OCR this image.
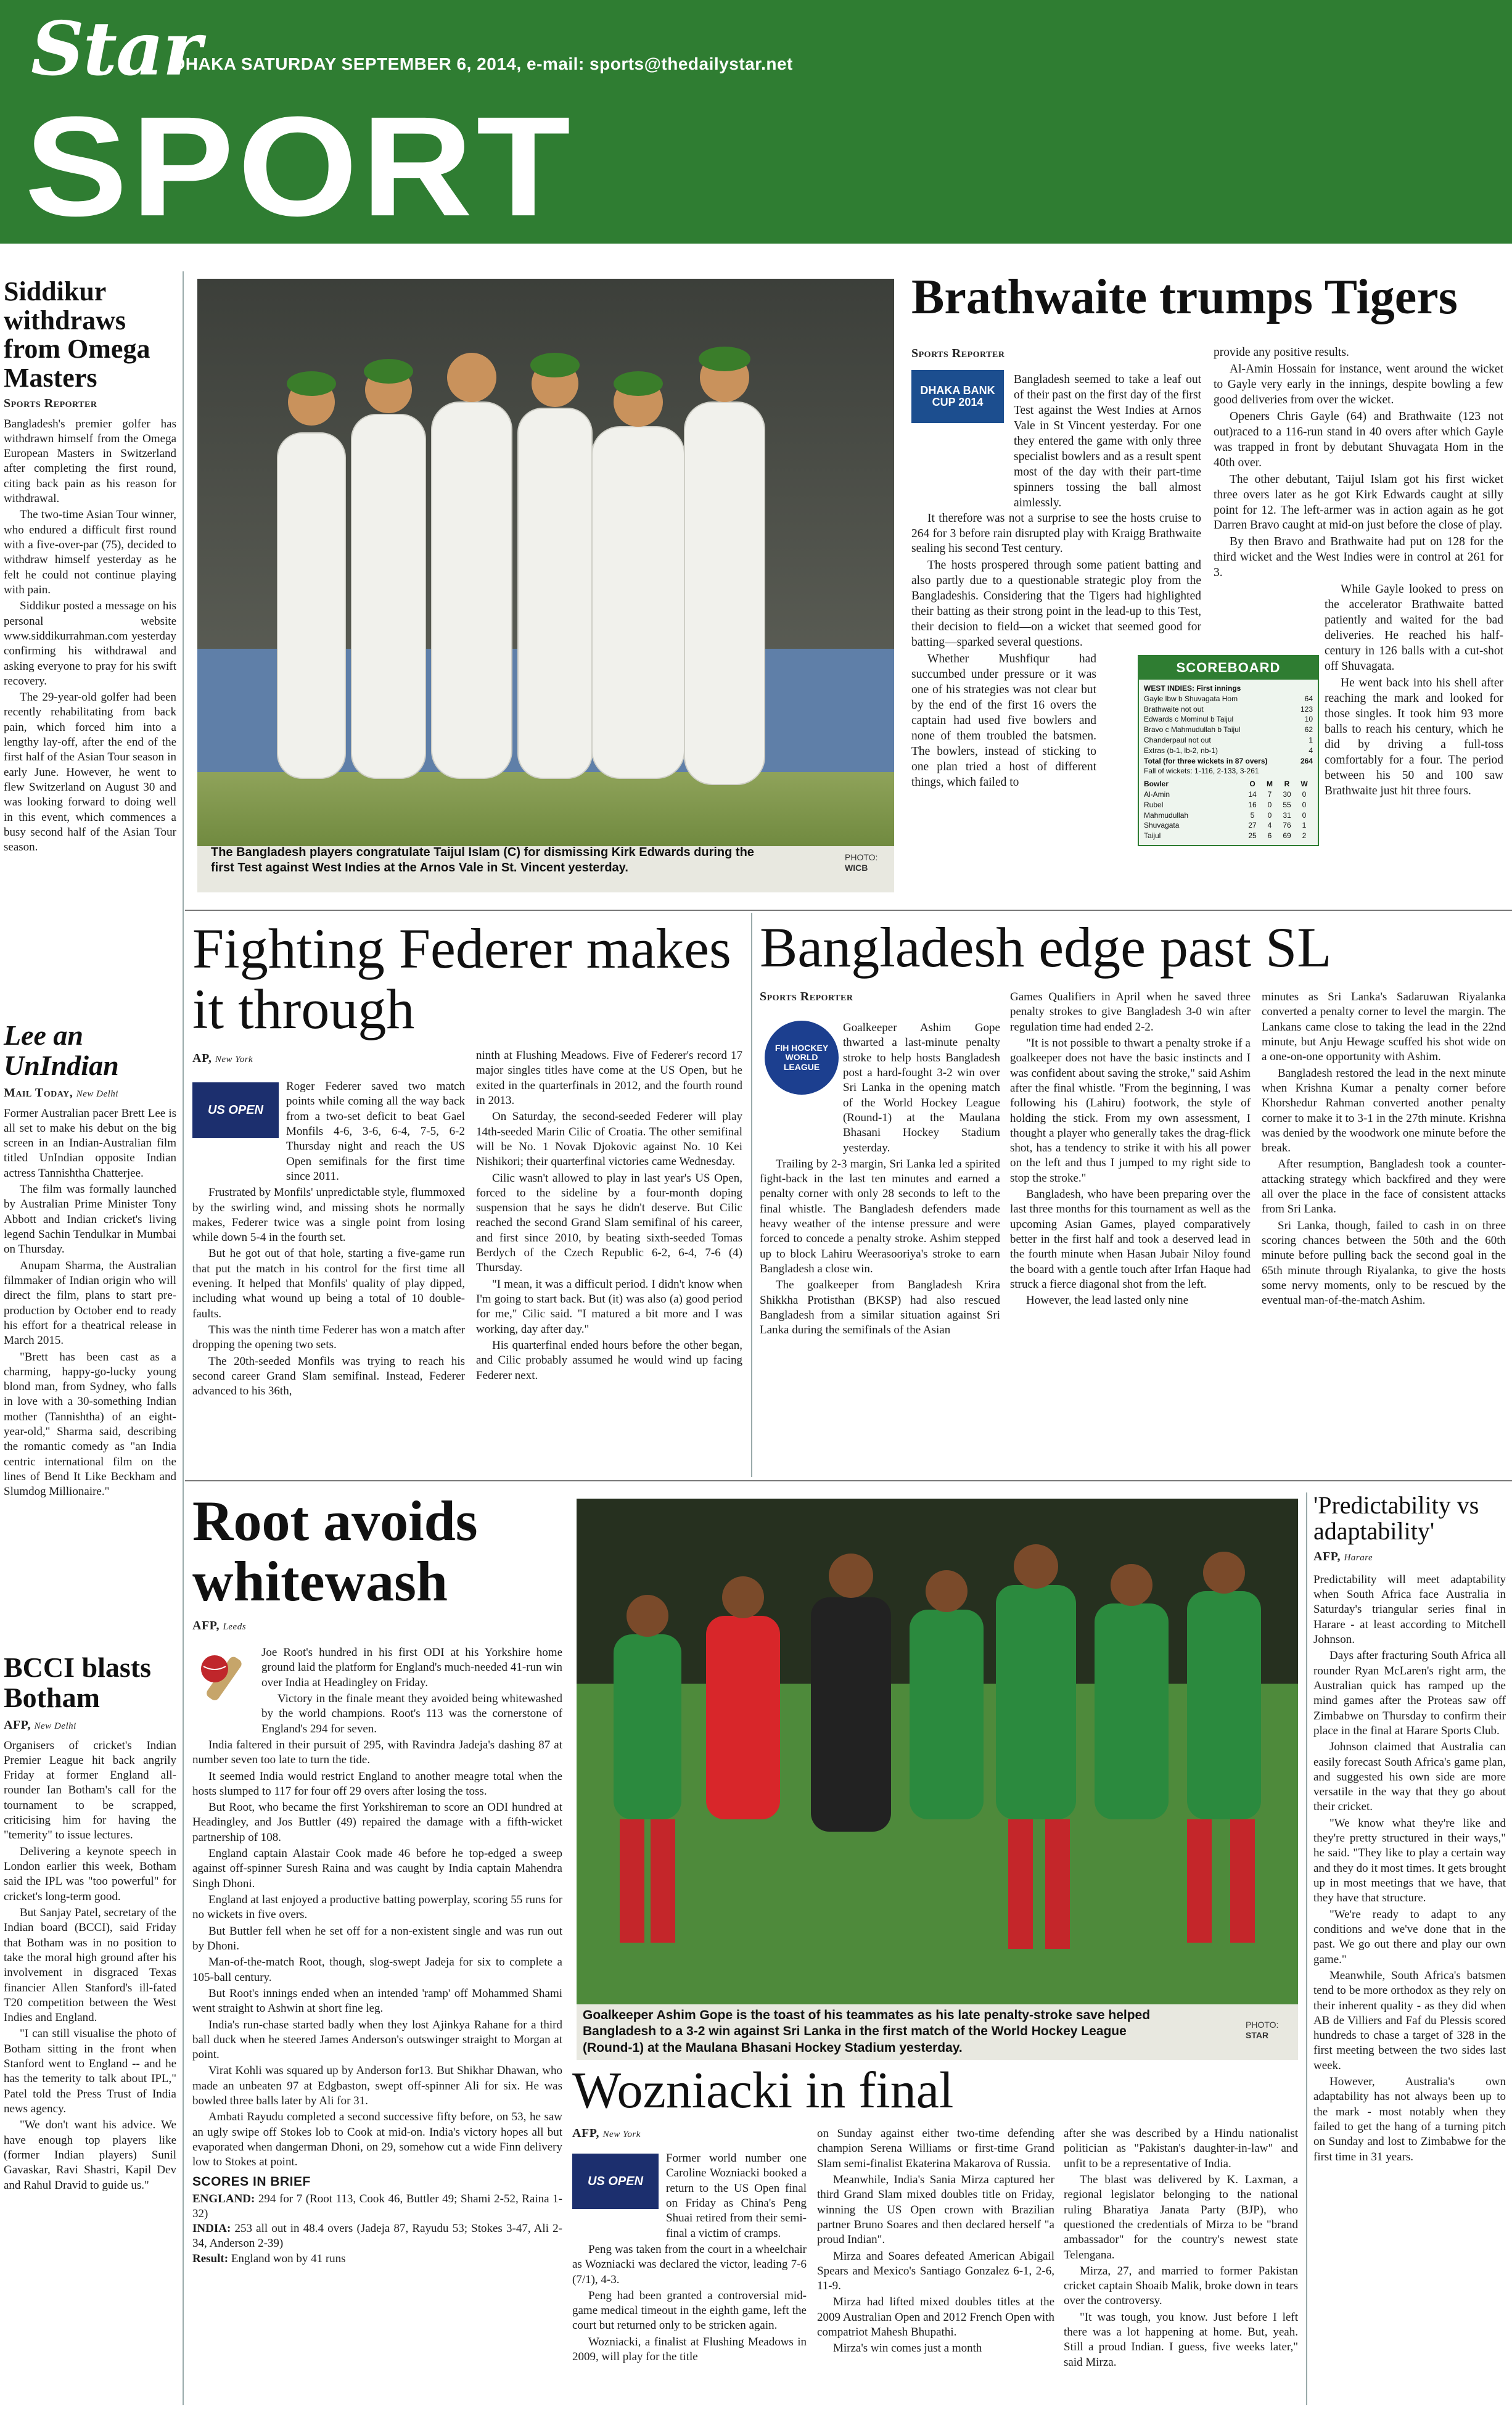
Star
DHAKA SATURDAY SEPTEMBER 6, 2014, e-mail: sports@thedailystar.net
SPORT
Siddikur withdraws from Omega Masters
Sports Reporter

Bangladesh's premier golfer has withdrawn himself from the Omega European Masters in Switzerland after completing the first round, citing back pain as his reason for withdrawal.

The two-time Asian Tour winner, who endured a difficult first round with a five-over-par (75), decided to withdraw himself yesterday as he felt he could not continue playing with pain.

Siddikur posted a message on his personal website www.siddikurrahman.com yesterday confirming his withdrawal and asking everyone to pray for his swift recovery.

The 29-year-old golfer had been recently rehabilitating from back pain, which forced him into a lengthy lay-off, after the end of the first half of the Asian Tour season in early June. However, he went to flew Switzerland on August 30 and was looking forward to doing well in this event, which commences a busy second half of the Asian Tour season.

Lee an UnIndian
Mail Today, New Delhi

Former Australian pacer Brett Lee is all set to make his debut on the big screen in an Indian-Australian film titled UnIndian opposite Indian actress Tannishtha Chatterjee.

The film was formally launched by Australian Prime Minister Tony Abbott and Indian cricket's living legend Sachin Tendulkar in Mumbai on Thursday.

Anupam Sharma, the Australian filmmaker of Indian origin who will direct the film, plans to start pre-production by October end to ready his effort for a theatrical release in March 2015.

"Brett has been cast as a charming, happy-go-lucky young blond man, from Sydney, who falls in love with a 30-something Indian mother (Tannishtha) of an eight-year-old," Sharma said, describing the romantic comedy as "an India centric international film on the lines of Bend It Like Beckham and Slumdog Millionaire."

BCCI blasts Botham
AFP, New Delhi

Organisers of cricket's Indian Premier League hit back angrily Friday at former England all-rounder Ian Botham's call for the tournament to be scrapped, criticising him for having the "temerity" to issue lectures.

Delivering a keynote speech in London earlier this week, Botham said the IPL was "too powerful" for cricket's long-term good.

But Sanjay Patel, secretary of the Indian board (BCCI), said Friday that Botham was in no position to take the moral high ground after his involvement in disgraced Texas financier Allen Stanford's ill-fated T20 competition between the West Indies and England.

"I can still visualise the photo of Botham sitting in the front when Stanford went to England -- and he has the temerity to talk about IPL," Patel told the Press Trust of India news agency.

"We don't want his advice. We have enough top players like (former Indian players) Sunil Gavaskar, Ravi Shastri, Kapil Dev and Rahul Dravid to guide us."

The Bangladesh players congratulate Taijul Islam (C) for dismissing Kirk Edwards during the first Test against West Indies at the Arnos Vale in St. Vincent yesterday.
PHOTO:
WICB
Brathwaite trumps Tigers
Sports Reporter
DHAKA BANK CUP 2014

Bangladesh seemed to take a leaf out of their past on the first day of the first Test against the West Indies at Arnos Vale in St Vincent yesterday. For one they entered the game with only three specialist bowlers and as a result spent most of the day with their part-time spinners tossing the ball almost aimlessly.

It therefore was not a surprise to see the hosts cruise to 264 for 3 before rain disrupted play with Kraigg Brathwaite sealing his second Test century.

The hosts prospered through some patient batting and also partly due to a questionable strategic ploy from the Bangladeshis. Considering that the Tigers had highlighted their batting as their strong point in the lead-up to this Test, their decision to field—on a wicket that seemed good for batting—sparked several questions.

Whether Mushfiqur had succumbed under pressure or it was one of his strategies was not clear but by the end of the first 16 overs the captain had used five bowlers and none of them troubled the batsmen. The bowlers, instead of sticking to one plan tried a host of different things, which failed to

provide any positive results.

Al-Amin Hossain for instance, went around the wicket to Gayle very early in the innings, despite bowling a few good deliveries from over the wicket.

Openers Chris Gayle (64) and Brathwaite (123 not out)raced to a 116-run stand in 40 overs after which Gayle was trapped in front by debutant Shuvagata Hom in the 40th over.

The other debutant, Taijul Islam got his first wicket three overs later as he got Kirk Edwards caught at silly point for 12. The left-armer was in action again as he got Darren Bravo caught at mid-on just before the close of play.

By then Bravo and Brathwaite had put on 128 for the third wicket and the West Indies were in control at 261 for 3.

While Gayle looked to press on the accelerator Brathwaite batted patiently and waited for the bad deliveries. He reached his half-century in 126 balls with a cut-shot off Shuvagata.

He went back into his shell after reaching the mark and looked for those singles. It took him 93 more balls to reach his century, which he did by driving a full-toss comfortably for a four. The period between his 50 and 100 saw Brathwaite just hit three fours.

SCOREBOARD
WEST INDIES: First innings
Gayle lbw b Shuvagata Hom	64
Brathwaite not out	123
Edwards c Mominul b Taijul	10
Bravo c Mahmudullah b Taijul	62
Chanderpaul not out	1
Extras (b-1, lb-2, nb-1)	4
Total (for three wickets in 87 overs)	264
Fall of wickets: 1-116, 2-133, 3-261
Bowler	O	M	R	W
Al-Amin	14	7	30	0
Rubel	16	0	55	0
Mahmudullah	5	0	31	0
Shuvagata	27	4	76	1
Taijul	25	6	69	2
Fighting Federer makes it through
AP, New York
US OPEN

Roger Federer saved two match points while coming all the way back from a two-set deficit to beat Gael Monfils 4-6, 3-6, 6-4, 7-5, 6-2 Thursday night and reach the US Open semifinals for the first time since 2011.

Frustrated by Monfils' unpredictable style, flummoxed by the swirling wind, and missing shots he normally makes, Federer twice was a single point from losing while down 5-4 in the fourth set.

But he got out of that hole, starting a five-game run that put the match in his control for the first time all evening. It helped that Monfils' quality of play dipped, including what wound up being a total of 10 double-faults.

This was the ninth time Federer has won a match after dropping the opening two sets.

The 20th-seeded Monfils was trying to reach his second career Grand Slam semifinal. Instead, Federer advanced to his 36th,

ninth at Flushing Meadows. Five of Federer's record 17 major singles titles have come at the US Open, but he exited in the quarterfinals in 2012, and the fourth round in 2013.

On Saturday, the second-seeded Federer will play 14th-seeded Marin Cilic of Croatia. The other semifinal will be No. 1 Novak Djokovic against No. 10 Kei Nishikori; their quarterfinal victories came Wednesday.

Cilic wasn't allowed to play in last year's US Open, forced to the sideline by a four-month doping suspension that he says he didn't deserve. But Cilic reached the second Grand Slam semifinal of his career, and first since 2010, by beating sixth-seeded Tomas Berdych of the Czech Republic 6-2, 6-4, 7-6 (4) Thursday.

"I mean, it was a difficult period. I didn't know when I'm going to start back. But (it) was also (a) good period for me," Cilic said. "I matured a bit more and I was working, day after day."

His quarterfinal ended hours before the other began, and Cilic probably assumed he would wind up facing Federer next.

Bangladesh edge past SL
Sports Reporter
FIH HOCKEY WORLD LEAGUE

Goalkeeper Ashim Gope thwarted a last-minute penalty stroke to help hosts Bangladesh post a hard-fought 3-2 win over Sri Lanka in the opening match of the World Hockey League (Round-1) at the Maulana Bhasani Hockey Stadium yesterday.

Trailing by 2-3 margin, Sri Lanka led a spirited fight-back in the last ten minutes and earned a penalty corner with only 28 seconds to left to the final whistle. The Bangladesh defenders made heavy weather of the intense pressure and were forced to concede a penalty stroke. Ashim stepped up to block Lahiru Weerasooriya's stroke to earn Bangladesh a close win.

The goalkeeper from Bangladesh Krira Shikkha Protisthan (BKSP) had also rescued Bangladesh from a similar situation against Sri Lanka during the semifinals of the Asian

Games Qualifiers in April when he saved three penalty strokes to give Bangladesh 3-0 win after regulation time had ended 2-2.

"It is not possible to thwart a penalty stroke if a goalkeeper does not have the basic instincts and I was confident about saving the stroke," said Ashim after the final whistle. "From the beginning, I was following his (Lahiru) footwork, the style of holding the stick. From my own assessment, I thought a player who generally takes the drag-flick shot, has a tendency to strike it with his all power on the left and thus I jumped to my right side to stop the stroke."

Bangladesh, who have been preparing over the last three months for this tournament as well as the upcoming Asian Games, played comparatively better in the first half and took a deserved lead in the fourth minute when Hasan Jubair Niloy found the board with a gentle touch after Irfan Haque had struck a fierce diagonal shot from the left.

However, the lead lasted only nine

minutes as Sri Lanka's Sadaruwan Riyalanka converted a penalty corner to level the margin. The Lankans came close to taking the lead in the 22nd minute, but Anju Hewage scuffed his shot wide on a one-on-one opportunity with Ashim.

Bangladesh restored the lead in the next minute when Krishna Kumar a penalty corner before Khorshedur Rahman converted another penalty corner to make it to 3-1 in the 27th minute. Krishna was denied by the woodwork one minute before the break.

After resumption, Bangladesh took a counter-attacking strategy which backfired and they were all over the place in the face of consistent attacks from Sri Lanka.

Sri Lanka, though, failed to cash in on three scoring chances between the 50th and the 60th minute before pulling back the second goal in the 65th minute through Riyalanka, to give the hosts some nervy moments, only to be rescued by the eventual man-of-the-match Ashim.

Root avoids whitewash
AFP, Leeds

Joe Root's hundred in his first ODI at his Yorkshire home ground laid the platform for England's much-needed 41-run win over India at Headingley on Friday.

Victory in the finale meant they avoided being whitewashed by the world champions. Root's 113 was the cornerstone of England's 294 for seven.

India faltered in their pursuit of 295, with Ravindra Jadeja's dashing 87 at number seven too late to turn the tide.

It seemed India would restrict England to another meagre total when the hosts slumped to 117 for four off 29 overs after losing the toss.

But Root, who became the first Yorkshireman to score an ODI hundred at Headingley, and Jos Buttler (49) repaired the damage with a fifth-wicket partnership of 108.

England captain Alastair Cook made 46 before he top-edged a sweep against off-spinner Suresh Raina and was caught by India captain Mahendra Singh Dhoni.

England at last enjoyed a productive batting powerplay, scoring 55 runs for no wickets in five overs.

But Buttler fell when he set off for a non-existent single and was run out by Dhoni.

Man-of-the-match Root, though, slog-swept Jadeja for six to complete a 105-ball century.

But Root's innings ended when an intended 'ramp' off Mohammed Shami went straight to Ashwin at short fine leg.

India's run-chase started badly when they lost Ajinkya Rahane for a third ball duck when he steered James Anderson's outswinger straight to Morgan at point.

Virat Kohli was squared up by Anderson for13. But Shikhar Dhawan, who made an unbeaten 97 at Edgbaston, swept off-spinner Ali for six. He was bowled three balls later by Ali for 31.

Ambati Rayudu completed a second successive fifty before, on 53, he saw an ugly swipe off Stokes lob to Cook at mid-on. India's victory hopes all but evaporated when dangerman Dhoni, on 29, somehow cut a wide Finn delivery low to Stokes at point.

SCORES IN BRIEF
ENGLAND: 294 for 7 (Root 113, Cook 46, Buttler 49; Shami 2-52, Raina 1-32)
INDIA: 253 all out in 48.4 overs (Jadeja 87, Rayudu 53; Stokes 3-47, Ali 2-34, Anderson 2-39)
Result: England won by 41 runs
Goalkeeper Ashim Gope is the toast of his teammates as his late penalty-stroke save helped Bangladesh to a 3-2 win against Sri Lanka in the first match of the World Hockey League (Round-1) at the Maulana Bhasani Hockey Stadium yesterday.
PHOTO:
STAR
Wozniacki in final
AFP, New York
US OPEN

Former world number one Caroline Wozniacki booked a return to the US Open final on Friday as China's Peng Shuai retired from their semi-final a victim of cramps.

Peng was taken from the court in a wheelchair as Wozniacki was declared the victor, leading 7-6 (7/1), 4-3.

Peng had been granted a controversial mid-game medical timeout in the eighth game, left the court but returned only to be stricken again.

Wozniacki, a finalist at Flushing Meadows in 2009, will play for the title

on Sunday against either two-time defending champion Serena Williams or first-time Grand Slam semi-finalist Ekaterina Makarova of Russia.

Meanwhile, India's Sania Mirza captured her third Grand Slam mixed doubles title on Friday, winning the US Open crown with Brazilian partner Bruno Soares and then declared herself "a proud Indian".

Mirza and Soares defeated American Abigail Spears and Mexico's Santiago Gonzalez 6-1, 2-6, 11-9.

Mirza had lifted mixed doubles titles at the 2009 Australian Open and 2012 French Open with compatriot Mahesh Bhupathi.

Mirza's win comes just a month

after she was described by a Hindu nationalist politician as "Pakistan's daughter-in-law" and unfit to be a representative of India.

The blast was delivered by K. Laxman, a regional legislator belonging to the national ruling Bharatiya Janata Party (BJP), who questioned the credentials of Mirza to be "brand ambassador" for the country's newest state Telengana.

Mirza, 27, and married to former Pakistan cricket captain Shoaib Malik, broke down in tears over the controversy.

"It was tough, you know. Just before I left there was a lot happening at home. But, yeah. Still a proud Indian. I guess, five weeks later," said Mirza.

'Predictability vs adaptability'
AFP, Harare

Predictability will meet adaptability when South Africa face Australia in Saturday's triangular series final in Harare - at least according to Mitchell Johnson.

Days after fracturing South Africa all rounder Ryan McLaren's right arm, the Australian quick has ramped up the mind games after the Proteas saw off Zimbabwe on Thursday to confirm their place in the final at Harare Sports Club.

Johnson claimed that Australia can easily forecast South Africa's game plan, and suggested his own side are more versatile in the way that they go about their cricket.

"We know what they're like and they're pretty structured in their ways," he said. "They like to play a certain way and they do it most times. It gets brought up in most meetings that we have, that they have that structure.

"We're ready to adapt to any conditions and we've done that in the past. We go out there and play our own game."

Meanwhile, South Africa's batsmen tend to be more orthodox as they rely on their inherent quality - as they did when AB de Villiers and Faf du Plessis scored hundreds to chase a target of 328 in the first meeting between the two sides last week.

However, Australia's own adaptability has not always been up to the mark - most notably when they failed to get the hang of a turning pitch on Sunday and lost to Zimbabwe for the first time in 31 years.
